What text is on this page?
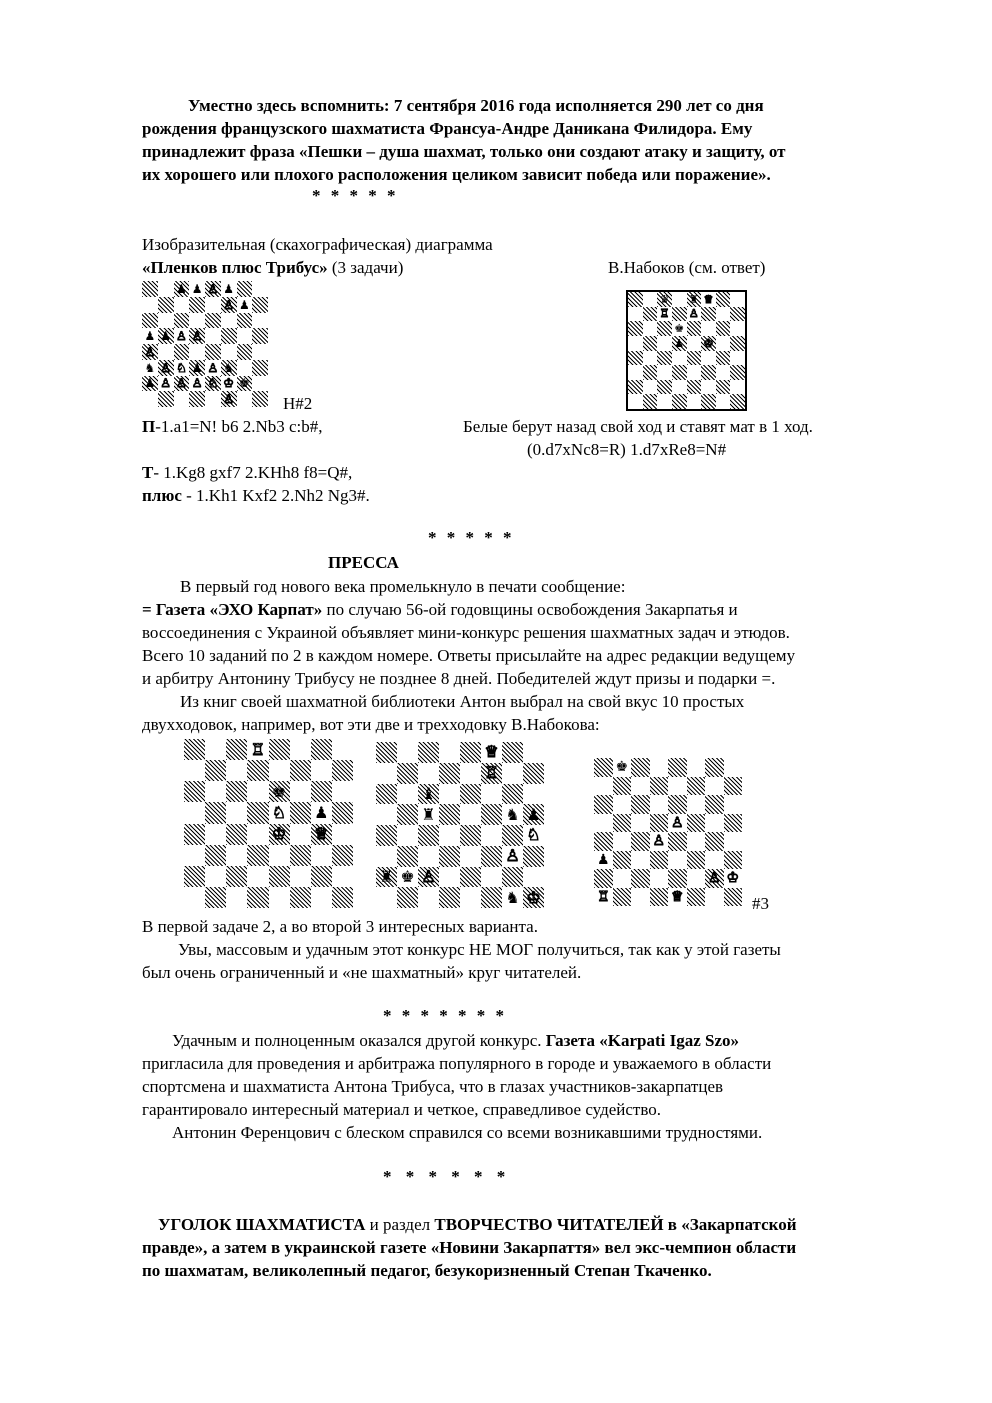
Уместно здесь вспомнить: 7 сентября 2016 года исполняется 290 лет со дня
рождения французского шахматиста Франсуа-Андре Даникана Филидора. Ему
принадлежит фраза «Пешки – душа шахмат, только они создают атаку и защиту, от
их хорошего или плохого расположения целиком зависит победа или поражение».
* * * * *
Изобразительная (скахографическая) диаграмма
«Пленков плюс Трибус» (3 задачи)	В.Набоков (см. ответ)
♟ ♟ ♙ ♟
♙ ♟
♟ ♟ ♙ ♙
♙
♞ ♙ ♘ ♟ ♙ ♞
♟ ♙ ♙ ♙ ♘ ♔ ♚
♙	H#2
♛ ♜ ♕
♖ ♙
♚
♟ ♔
П-1.a1=N! b6 2.Nb3 c:b#,	Белые берут назад свой ход и ставят мат в 1 ход.
(0.d7xNc8=R) 1.d7xRe8=N#
Т- 1.Kg8 gxf7 2.KHh8 f8=Q#,
плюс - 1.Kh1 Kxf2 2.Nh2 Ng3#.
* * * * *
ПРЕССА
В первый год нового века промелькнуло в печати сообщение:
= Газета «ЭХО Карпат» по случаю 56-ой годовщины освобождения Закарпатья и
воссоединения с Украиной объявляет мини-конкурс решения шахматных задач и этюдов.
Всего 10 заданий по 2 в каждом номере. Ответы присылайте на адрес редакции ведущему
и арбитру Антонину Трибусу не позднее 8 дней. Победителей ждут призы и подарки =.
Из книг своей шахматной библиотеки Антон выбрал на свой вкус 10 простых
двухходовок, например, вот эти две и трехходовку В.Набокова:
♖
♚
♘ ♟
♔ ♕
♕
♖
♝
♜	♞ ♟
♘
♙
♜ ♚ ♙
♞ ♔
♚
♙
♙
♟
♙ ♔
♖	♕	#3
В первой задаче 2, а во второй 3 интересных варианта.
Увы, массовым и удачным этот конкурс НЕ МОГ получиться, так как у этой газеты
был очень ограниченный и «не шахматный» круг читателей.
* * * * * * *
Удачным и полноценным оказался другой конкурс. Газета «Karpati Igaz Szo»
пригласила для проведения и арбитража популярного в городе и уважаемого в области
спортсмена и шахматиста Антона Трибуса, что в глазах участников-закарпатцев
гарантировало интересный материал и четкое, справедливое судейство.
Антонин Ференцович с блеском справился со всеми возникавшими трудностями.
* * * * * *
УГОЛОК ШАХМАТИСТА и раздел ТВОРЧЕСТВО ЧИТАТЕЛЕЙ в «Закарпатской
правде», а затем в украинской газете «Новини Закарпаття» вел экс-чемпион области
по шахматам, великолепный педагог, безукоризненный Степан Ткаченко.
